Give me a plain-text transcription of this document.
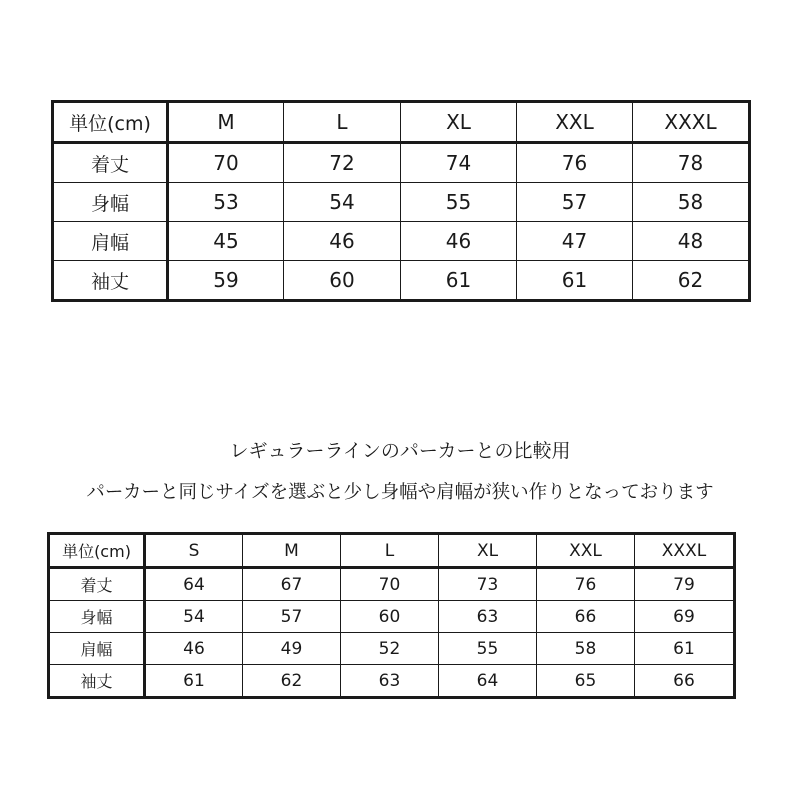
単位(cm)	M	L	XL	XXL	XXXL
着丈	70	72	74	76	78
身幅	53	54	55	57	58
肩幅	45	46	46	47	48
袖丈	59	60	61	61	62
レギュラーラインのパーカーとの比較用
パーカーと同じサイズを選ぶと少し身幅や肩幅が狭い作りとなっております
単位(cm)	S	M	L	XL	XXL	XXXL
着丈	64	67	70	73	76	79
身幅	54	57	60	63	66	69
肩幅	46	49	52	55	58	61
袖丈	61	62	63	64	65	66
